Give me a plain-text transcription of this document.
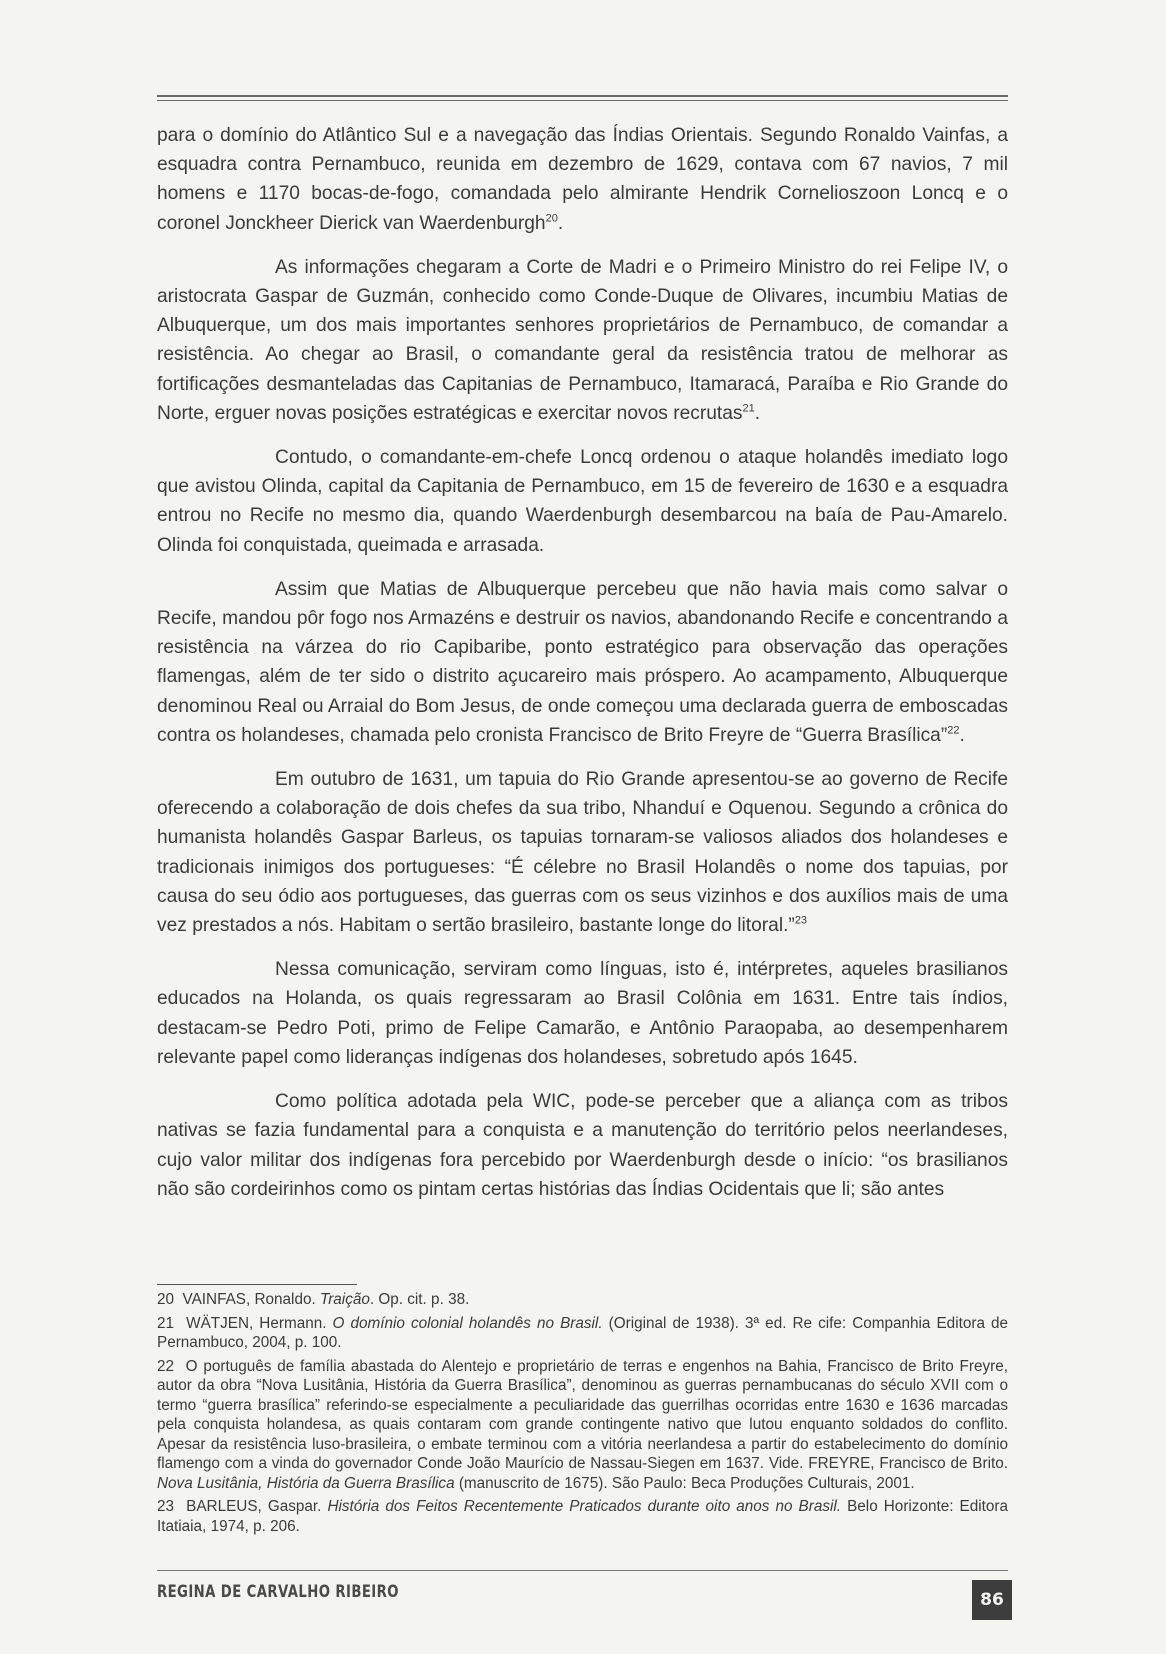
para o domínio do Atlântico Sul e a navegação das Índias Orientais. Segundo Ronaldo Vainfas, a esquadra contra Pernambuco, reunida em dezembro de 1629, contava com 67 navios, 7 mil homens e 1170 bocas-de-fogo, comandada pelo almirante Hendrik Cornelioszoon Loncq e o coronel Jonckheer Dierick van Waerdenburgh$^{20}$.

As informações chegaram a Corte de Madri e o Primeiro Ministro do rei Felipe IV, o aristocrata Gaspar de Guzmán, conhecido como Conde-Duque de Olivares, incumbiu Matias de Albuquerque, um dos mais importantes senhores proprietários de Pernambuco, de comandar a resistência. Ao chegar ao Brasil, o comandante geral da resistência tratou de melhorar as fortificações desmanteladas das Capitanias de Pernambuco, Itamaracá, Paraíba e Rio Grande do Norte, erguer novas posições estratégicas e exercitar novos recrutas$^{21}$.

Contudo, o comandante-em-chefe Loncq ordenou o ataque holandês imediato logo que avistou Olinda, capital da Capitania de Pernambuco, em 15 de fevereiro de 1630 e a esquadra entrou no Recife no mesmo dia, quando Waerdenburgh desembarcou na baía de Pau-Amarelo. Olinda foi conquistada, queimada e arrasada.

Assim que Matias de Albuquerque percebeu que não havia mais como salvar o Recife, mandou pôr fogo nos Armazéns e destruir os navios, abandonando Recife e concentrando a resistência na várzea do rio Capibaribe, ponto estratégico para observação das operações flamengas, além de ter sido o distrito açucareiro mais próspero. Ao acampamento, Albuquerque denominou Real ou Arraial do Bom Jesus, de onde começou uma declarada guerra de emboscadas contra os holandeses, chamada pelo cronista Francisco de Brito Freyre de “Guerra Brasílica”$^{22}$.

Em outubro de 1631, um tapuia do Rio Grande apresentou-se ao governo de Recife oferecendo a colaboração de dois chefes da sua tribo, Nhanduí e Oquenou. Segundo a crônica do humanista holandês Gaspar Barleus, os tapuias tornaram-se valiosos aliados dos holandeses e tradicionais inimigos dos portugueses: “É célebre no Brasil Holandês o nome dos tapuias, por causa do seu ódio aos portugueses, das guerras com os seus vizinhos e dos auxílios mais de uma vez prestados a nós. Habitam o sertão brasileiro, bastante longe do litoral.”$^{23}$

Nessa comunicação, serviram como línguas, isto é, intérpretes, aqueles brasilianos educados na Holanda, os quais regressaram ao Brasil Colônia em 1631. Entre tais índios, destacam-se Pedro Poti, primo de Felipe Camarão, e Antônio Paraopaba, ao desempenharem relevante papel como lideranças indígenas dos holandeses, sobretudo após 1645.

Como política adotada pela WIC, pode-se perceber que a aliança com as tribos nativas se fazia fundamental para a conquista e a manutenção do território pelos neerlandeses, cujo valor militar dos indígenas fora percebido por Waerdenburgh desde o início: “os brasilianos não são cordeirinhos como os pintam certas histórias das Índias Ocidentais que li; são antes

20 VAINFAS, Ronaldo. Traição. Op. cit. p. 38.
21 WÄTJEN, Hermann. O domínio colonial holandês no Brasil. (Original de 1938). 3ª ed. Re cife: Companhia Editora de Pernambuco, 2004, p. 100.
22 O português de família abastada do Alentejo e proprietário de terras e engenhos na Bahia, Francisco de Brito Freyre, autor da obra “Nova Lusitânia, História da Guerra Brasílica”, denominou as guerras pernambucanas do século XVII com o termo “guerra brasílica” referindo-se especialmente a peculiaridade das guerrilhas ocorridas entre 1630 e 1636 marcadas pela conquista holandesa, as quais contaram com grande contingente nativo que lutou enquanto soldados do conflito. Apesar da resistência luso-brasileira, o embate terminou com a vitória neerlandesa a partir do estabelecimento do domínio flamengo com a vinda do governador Conde João Maurício de Nassau-Siegen em 1637. Vide. FREYRE, Francisco de Brito. Nova Lusitânia, História da Guerra Brasílica (manuscrito de 1675). São Paulo: Beca Produções Culturais, 2001.
23 BARLEUS, Gaspar. História dos Feitos Recentemente Praticados durante oito anos no Brasil. Belo Horizonte: Editora Itatiaia, 1974, p. 206.
REGINA DE CARVALHO RIBEIRO	86
